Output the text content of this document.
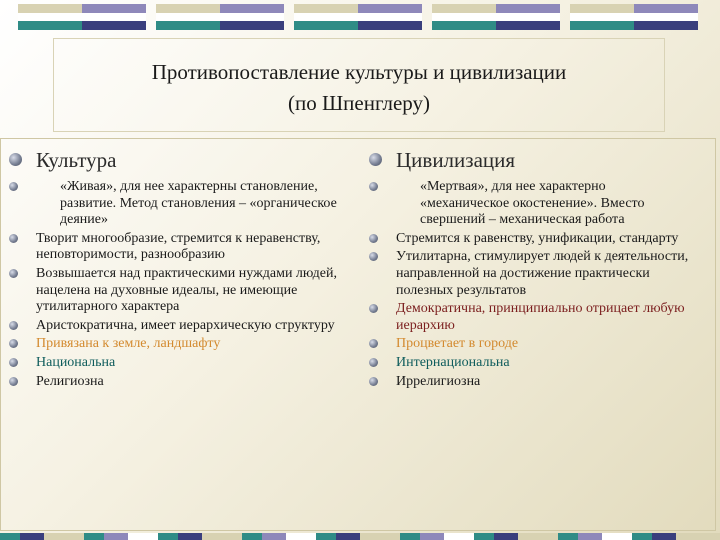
Противопоставление культуры и цивилизации
(по Шпенглеру)
Культура
«Живая», для нее характерны становление, развитие. Метод становления – «органическое деяние»
Творит многообразие, стремится к неравенству, неповторимости, разнообразию
Возвышается над практическими нуждами людей, нацелена на духовные идеалы, не имеющие утилитарного характера
Аристократична, имеет иерархическую структуру
Привязана к земле, ландшафту
Национальна
Религиозна
Цивилизация
«Мертвая», для нее характерно «механическое окостенение». Вместо свершений – механическая работа
Стремится к равенству, унификации, стандарту
Утилитарна, стимулирует людей к деятельности, направленной на достижение практически полезных результатов
Демократична, принципиально отрицает любую иерархию
Процветает в городе
Интернациональна
Иррелигиозна
